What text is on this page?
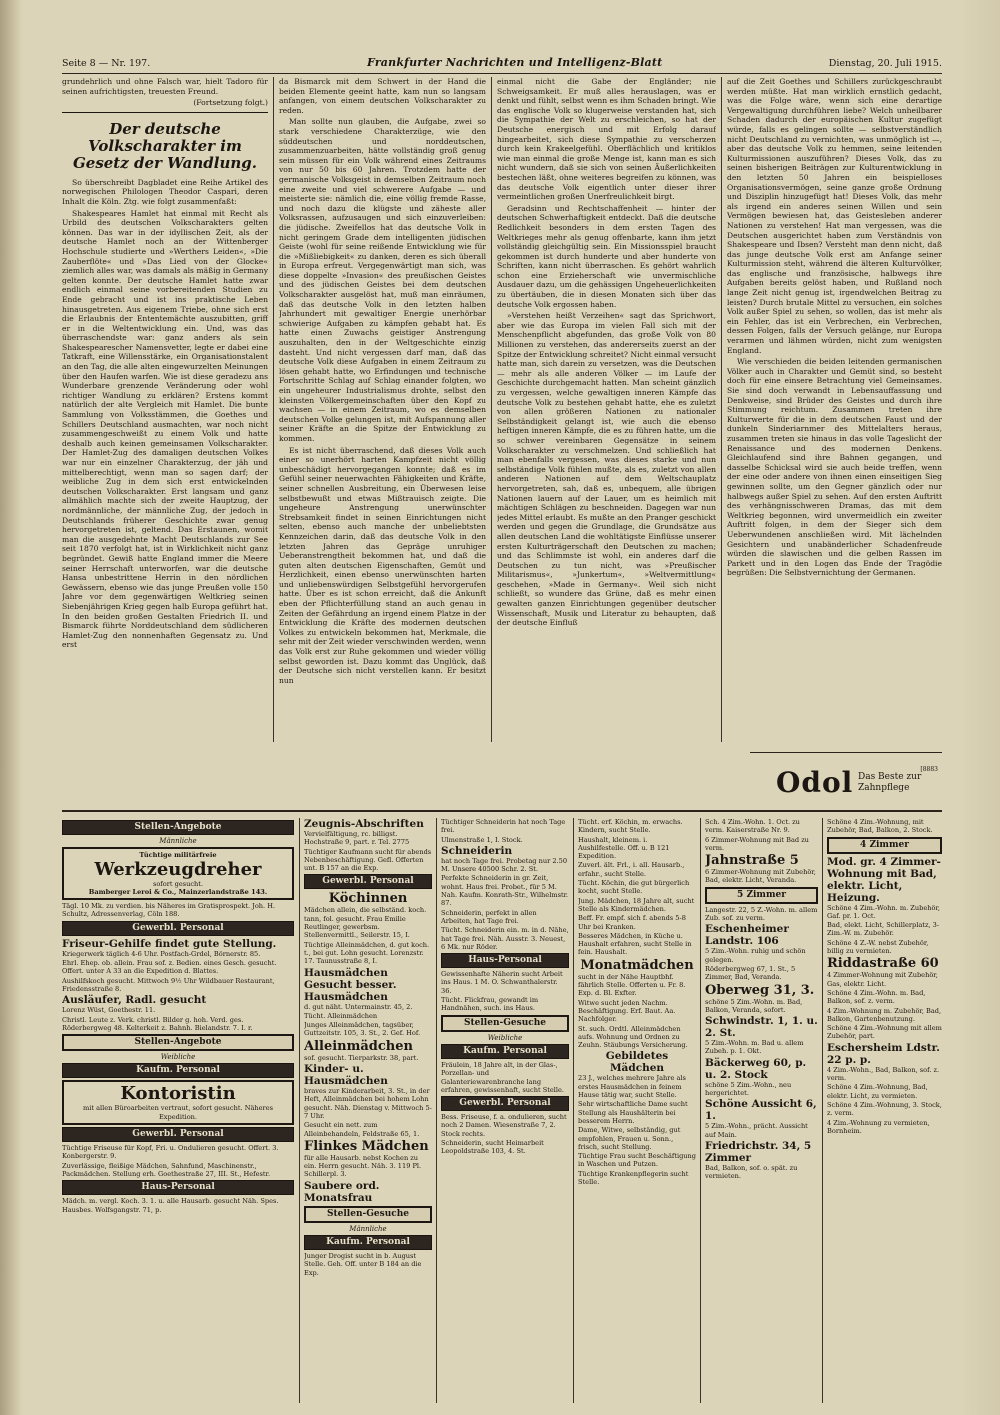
Seite 8 — Nr. 197.	Frankfurter Nachrichten und Intelligenz-Blatt	Dienstag, 20. Juli 1915.

grundehrlich und ohne Falsch war, hielt Tadoro für seinen aufrichtigsten, treuesten Freund.

(Fortsetzung folgt.)
Der deutsche Volkscharakter im Gesetz der Wandlung.

So überschreibt Dagbladet eine Reihe Artikel des norwegischen Philologen Theodor Caspari, deren Inhalt die Köln. Ztg. wie folgt zusammenfaßt:

Shakespeares Hamlet hat einmal mit Recht als Urbild des deutschen Volkscharakters gelten können. Das war in der idyllischen Zeit, als der deutsche Hamlet noch an der Wittenberger Hochschule studierte und »Werthers Leiden«, »Die Zauberflöte« und »Das Lied von der Glocke« ziemlich alles war, was damals als mäßig in Germany gelten konnte. Der deutsche Hamlet hatte zwar endlich einmal seine vorbereitenden Studien zu Ende gebracht und ist ins praktische Leben hinausgetreten. Aus eigenem Triebe, ohne sich erst die Erlaubnis der Ententemächte auszubitten, griff er in die Weltentwicklung ein. Und, was das überraschendste war: ganz anders als sein Shakespearescher Namensvetter, legte er dabei eine Tatkraft, eine Willensstärke, ein Organisationstalent an den Tag, die alle alten eingewurzelten Meinungen über den Haufen warfen. Wie ist diese geradezu ans Wunderbare grenzende Veränderung oder wohl richtiger Wandlung zu erklären? Erstens kommt natürlich der alte Vergleich mit Hamlet. Die bunte Sammlung von Volksstämmen, die Goethes und Schillers Deutschland ausmachten, war noch nicht zusammengeschweißt zu einem Volk und hatte deshalb auch keinen gemeinsamen Volkscharakter. Der Hamlet-Zug des damaligen deutschen Volkes war nur ein einzelner Charakterzug, der jäh und mittelberechtigt, wenn man so sagen darf; der weibliche Zug in dem sich erst entwickelnden deutschen Volkscharakter. Erst langsam und ganz allmählich machte sich der zweite Hauptzug, der nordmännliche, der männliche Zug, der jedoch in Deutschlands früherer Geschichte zwar genug hervorgetreten ist, geltend. Das Erstaunen, womit man die ausgedehnte Macht Deutschlands zur See seit 1870 verfolgt hat, ist in Wirklichkeit nicht ganz begründet. Gewiß hatte England immer die Meere seiner Herrschaft unterworfen, war die deutsche Hansa unbestrittene Herrin in den nördlichen Gewässern, ebenso wie das junge Preußen volle 150 Jahre vor dem gegenwärtigen Weltkrieg seinen Siebenjährigen Krieg gegen halb Europa geführt hat. In den beiden großen Gestalten Friedrich II. und Bismarck führte Norddeutschland dem südlicheren Hamlet-Zug den nonnenhaften Gegensatz zu. Und erst

da Bismarck mit dem Schwert in der Hand die beiden Elemente geeint hatte, kam nun so langsam anfangen, von einem deutschen Volkscharakter zu reden.

Man sollte nun glauben, die Aufgabe, zwei so stark verschiedene Charakterzüge, wie den süddeutschen und norddeutschen, zusammenzuarbeiten, hätte vollständig groß genug sein müssen für ein Volk während eines Zeitraums von nur 50 bis 60 Jahren. Trotzdem hatte der germanische Volksgeist in demselben Zeitraum noch eine zweite und viel schwerere Aufgabe — und meisterte sie: nämlich die, eine völlig fremde Rasse, und noch dazu die klügste und zäheste aller Volksrassen, aufzusaugen und sich einzuverleiben: die jüdische. Zweifellos hat das deutsche Volk in nicht geringem Grade dem intelligenten jüdischen Geiste (wohl für seine reißende Entwicklung wie für die »Mißliebigkeit« zu danken, deren es sich überall in Europa erfreut. Vergegenwärtigt man sich, was diese doppelte »Invasion« des preußischen Geistes und des jüdischen Geistes bei dem deutschen Volkscharakter ausgelöst hat, muß man einräumen, daß das deutsche Volk in den letzten halben Jahrhundert mit gewaltiger Energie unerhörbar schwierige Aufgaben zu kämpfen gehabt hat. Es hatte einen Zuwachs geistiger Anstrengung auszuhalten, den in der Weltgeschichte einzig dasteht. Und nicht vergessen darf man, daß das deutsche Volk diese Aufgaben in einem Zeitraum zu lösen gehabt hatte, wo Erfindungen und technische Fortschritte Schlag auf Schlag einander folgten, wo ein ungeheurer Industrialismus drohte, selbst den kleinsten Völkergemeinschaften über den Kopf zu wachsen — in einem Zeitraum, wo es demselben deutschen Volke gelungen ist, mit Aufspannung aller seiner Kräfte an die Spitze der Entwicklung zu kommen.

Es ist nicht überraschend, daß dieses Volk auch einer so unerhört harten Kampfzeit nicht völlig unbeschädigt hervorgegangen konnte; daß es im Gefühl seiner neuerwachten Fähigkeiten und Kräfte, seiner schnellen Ausbreitung, ein Überwesen leise selbstbewußt und etwas Mißtrauisch zeigte. Die ungeheure Anstrengung unerwünschter Strebsamkeit findet in seinen Einrichtungen nicht selten, ebenso auch manche der unbeliebtsten Kennzeichen darin, daß das deutsche Volk in den letzten Jahren das Gepräge unruhiger Ueberanstrengtheit bekommen hat, und daß die guten alten deutschen Eigenschaften, Gemüt und Herzlichkeit, einen ebenso unerwünschten harten und unliebenswürdigen Selbstgefühl hervorgerufen hatte. Über es ist schon erreicht, daß die Ankunft eben der Pflichterfüllung stand an auch genau in Zeiten der Gefährdung an irgend einem Platze in der Entwicklung die Kräfte des modernen deutschen Volkes zu entwickeln bekommen hat, Merkmale, die sehr mit der Zeit wieder verschwinden werden, wenn das Volk erst zur Ruhe gekommen und wieder völlig selbst geworden ist. Dazu kommt das Unglück, daß der Deutsche sich nicht verstellen kann. Er besitzt nun

einmal nicht die Gabe der Engländer; nie Schweigsamkeit. Er muß alles herauslagen, was er denkt und fühlt, selbst wenn es ihm Schaden bringt. Wie das englische Volk so klugerweise verstanden hat, sich die Sympathie der Welt zu erschleichen, so hat der Deutsche energisch und mit Erfolg darauf hingearbeitet, sich diese Sympathie zu verscherzen durch kein Krakeelgefühl. Oberflächlich und kritiklos wie man einmal die große Menge ist, kann man es sich nicht wundern, daß sie sich von seinen Äußerlichkeiten bestechen läßt, ohne weiteres begreifen zu können, was das deutsche Volk eigentlich unter dieser ihrer vermeintlichen großen Unerfreulichkeit birgt.

Geradsinn und Rechtschaffenheit — hinter der deutschen Schwerhaftigkeit entdeckt. Daß die deutsche Redlichkeit besonders in dem ersten Tagen des Weltkrieges mehr als genug offenbarte, kann ihm jetzt vollständig gleichgültig sein. Ein Missionsspiel braucht gekommen ist durch hunderte und aber hunderte von Schriften, kann nicht überraschen. Es gehört wahrlich schon eine Erzieherschaft wie unvermischliche Ausdauer dazu, um die gehässigen Ungeheuerlichkeiten zu übertäuben, die in diesen Monaten sich über das deutsche Volk ergossen haben.

»Verstehen heißt Verzeihen« sagt das Sprichwort, aber wie das Europa im vielen Fall sich mit der Menschenpflicht abgefunden, das große Volk von 80 Millionen zu verstehen, das andererseits zuerst an der Spitze der Entwicklung schreitet? Nicht einmal versucht hatte man, sich darein zu versetzen, was die Deutschen — mehr als alle anderen Völker — im Laufe der Geschichte durchgemacht hatten. Man scheint gänzlich zu vergessen, welche gewaltigen inneren Kämpfe das deutsche Volk zu bestehen gehabt hatte, ehe es zuletzt von allen größeren Nationen zu nationaler Selbständigkeit gelangt ist, wie auch die ebenso heftigen inneren Kämpfe, die es zu führen hatte, um die so schwer vereinbaren Gegensätze in seinem Volkscharakter zu verschmelzen. Und schließlich hat man ebenfalls vergessen, was dieses starke und nun selbständige Volk fühlen mußte, als es, zuletzt von allen anderen Nationen auf dem Weltschauplatz hervorgetreten, sah, daß es, unbequem, alle übrigen Nationen lauern auf der Lauer, um es heimlich mit mächtigen Schlägen zu beschneiden. Dagegen war nun jedes Mittel erlaubt. Es mußte an den Pranger geschickt werden und gegen die Grundlage, die Grundsätze aus allen deutschen Land die wohltätigste Einflüsse unserer ersten Kulturträgerschaft den Deutschen zu machen; und das Schlimmste ist wohl, ein anderes darf die Deutschen zu tun nicht, was »Preußischer Militarismus«, »Junkertum«, »Weltvermittlung« geschehen, »Made in Germany«. Weil sich nicht schließt, so wundere das Grüne, daß es mehr einen gewalten ganzen Einrichtungen gegenüber deutscher Wissenschaft, Musik und Literatur zu behaupten, daß der deutsche Einfluß

auf die Zeit Goethes und Schillers zurückgeschraubt werden müßte. Hat man wirklich ernstlich gedacht, was die Folge wäre, wenn sich eine derartige Vergewaltigung durchführen liebe? Welch unheilbarer Schaden dadurch der europäischen Kultur zugefügt würde, falls es gelingen sollte — selbstverständlich nicht Deutschland zu vernichten, was unmöglich ist —, aber das deutsche Volk zu hemmen, seine leitenden Kulturmissionen auszuführen? Dieses Volk, das zu seinen bisherigen Beiträgen zur Kulturentwicklung in den letzten 50 Jahren ein beispielloses Organisationsvermögen, seine ganze große Ordnung und Disziplin hinzugefügt hat! Dieses Volk, das mehr als irgend ein anderes seinen Willen und sein Vermögen bewiesen hat, das Geistesleben anderer Nationen zu verstehen! Hat man vergessen, was die Deutschen ausgerichtet haben zum Verständnis von Shakespeare und Ibsen? Versteht man denn nicht, daß das junge deutsche Volk erst am Anfange seiner Kulturmission steht, während die älteren Kulturvölker, das englische und französische, halbwegs ihre Aufgaben bereits gelöst haben, und Rußland noch lange Zeit nicht genug ist, irgendwelchen Beitrag zu leisten? Durch brutale Mittel zu versuchen, ein solches Volk außer Spiel zu sehen, so wollen, das ist mehr als ein Fehler, das ist ein Verbrechen, ein Verbrechen, dessen Folgen, falls der Versuch gelänge, nur Europa verarmen und lähmen würden, nicht zum wenigsten England.

Wie verschieden die beiden leitenden germanischen Völker auch in Charakter und Gemüt sind, so besteht doch für eine einsere Betrachtung viel Gemeinsames. Sie sind doch verwandt in Lebensauffassung und Denkweise, sind Brüder des Geistes und durch ihre Stimmung reichtum. Zusammen treten ihre Kulturwerte für die in dem deutschen Faust und der dunkeln Sinderiarnmer des Mittelalters heraus, zusammen treten sie hinaus in das volle Tageslicht der Renaissance und des modernen Denkens. Gleichlaufend sind ihre Bahnen gegangen, und dasselbe Schicksal wird sie auch beide treffen, wenn der eine oder andere von ihnen einen einseitigen Sieg gewinnen sollte, um den Gegner gänzlich oder nur halbwegs außer Spiel zu sehen. Auf den ersten Auftritt des verhängnisschweren Dramas, das mit dem Weltkrieg begonnen, wird unvermeidlich ein zweiter Auftritt folgen, in dem der Sieger sich dem Ueberwundenen anschließen wird. Mit lächelnden Gesichtern und unabänderlicher Schadenfreude würden die slawischen und die gelben Rassen im Parkett und in den Logen das Ende der Tragödie begrüßen: Die Selbstvernichtung der Germanen.

Odol Das Beste zur Zahnpflege
[8883
Stellen-Angebote
Männliche
Tüchtige militärfreie
Werkzeugdreher
sofort gesucht.
Bamberger Leroi & Co., Mainzerlandstraße 143.

Tägl. 10 Mk. zu verdien. bis Näheres im Gratisprospekt. Joh. H. Schultz, Adressenverlag, Cöln 188.

Gewerbl. Personal
Friseur-Gehilfe findet gute Stellung.

Kriegerwerk täglich 4-6 Uhr. Postfach-Grdel, Börnerstr. 85.

Ehrl. Ehep. ob. allein. Frau sof. z. Bedien. eines Gesch. gesucht. Offert. unter A 33 an die Expedition d. Blattes.

Aushilfskoch gesucht. Mittwoch 9½ Uhr Wildbauer Restaurant, Friedensstraße 8.

Ausläufer, Radl. gesucht

Lorenz Wüst, Goethestr. 11.

Christl. Leute z. Verk. christl. Bilder g. hoh. Verd. ges. Röderbergweg 48. Kelterkeit z. Bahnh. Bielandstr. 7. I. r.

Stellen-Angebote
Weibliche
Kaufm. Personal
Kontoristin
mit allen Büroarbeiten vertraut, sofort gesucht. Näheres Expedition.
Gewerbl. Personal

Tüchtige Friseuse für Kopf, Fri. u. Ondulieren gesucht. Offert. 3. Konbergerstr. 9.

Zuverlässige, fleißige Mädchen, Sahnfund, Maschinenstr., Packmädchen. Stellung erh. Goethestraße 27, III. St., Hefestr.

Haus-Personal

Mädch. m. vergl. Koch. 3. 1. u. alle Hausarb. gesucht Näh. Spes. Hausbes. Wolfsgangstr. 71, p.

Zeugnis-Abschriften

Vervielfältigung, rc. billigst. Hochstraße 9, part. r. Tel. 2775

Tüchtiger Kaufmann sucht für abends Nebenbeschäftigung. Gefl. Offerten unt. B 157 an die Exp.

Gewerbl. Personal
Köchinnen

Mädchen allein, die selbständ. koch. tann, fol. gesucht. Frau Emilie Reutlinger, gewerbsm. Stellenvermittl., Seilerstr. 15, I.

Tüchtige Alleinmädchen, d. gut koch. t., bei gut. Lohn gesucht. Lorenzstr. 17. Taunusstraße 8, I.

Hausmädchen
Gesucht besser. Hausmädchen

d. gut näht. Untermainstr. 45, 2.

Tücht. Alleinmädchen

Junges Alleinmädchen, tagsüber, Guttzeitstr. 105, 3. St., 2. Gef. Hof.

Alleinmädchen

sof. gesucht. Tierparkstr. 38, part.

Kinder- u. Hausmädchen

braves zur Kinderarbeit, 3. St., in der Heft, Alleinmädchen bei hohem Lohn gesucht. Näh. Dienstag v. Mittwoch 5-7 Uhr.

Gesucht ein nett. zum Alleinbehandeln, Feldstraße 65, 1.

Flinkes Mädchen

für alle Hausarb. nebst Kochen zu ein. Herrn gesucht. Näh. 3. 119 Pl. Schillerpl. 3.

Saubere ord. Monatsfrau
Stellen-Gesuche
Männliche
Kaufm. Personal

Junger Drogist sucht in b. August Stelle. Geh. Off. unter B 184 an die Exp.

Tüchtiger Schneiderin hat noch Tage frei.

Ulmenstraße 1, I. Stock.

Schneiderin

hat noch Tage frei. Probetag nur 2.50 M. Unsere 40500 Schr. 2. St.

Perfekte Schneiderin in gr. Zeit, wohnt. Haus frei. Probet., für 5 M. Nah. Kaufm. Konrath-Str., Wilhelmstr. 87.

Schneiderin, perfekt in allen Arbeiten, hat Tage frei.

Tücht. Schneiderin ein. m. in d. Nähe, hat Tage frei. Näh. Ausstr. 3. Neuest, 6 Mk. nur Röder.

Haus-Personal

Gewissenhafte Näherin sucht Arbeit ins Haus. 1 M. O. Schwanthalerstr. 36.

Tücht. Flickfrau, gewandt im Handnähen, such. ins Haus.

Stellen-Gesuche
Weibliche
Kaufm. Personal

Fräulein, 18 Jahre alt, in der Glas-, Porzellan- und Galanteriewarenbranche lang erfahren, gewissenhaft, sucht Stelle.

Gewerbl. Personal

Bess. Friseuse, f. a. ondulieren, sucht noch 2 Damen. Wiesenstraße 7, 2. Stock rechts.

Schneiderin, sucht Heimarbeit Leopoldstraße 103, 4. St.

Tücht. erf. Köchin, m. erwachs. Kindern, sucht Stelle.

Haushalt, kleinem. i. Aushilfestelle. Off. u. B 121 Expedition.

Zuverl. ält. Frl., i. all. Hausarb., erfahr., sucht Stelle.

Tücht. Köchin, die gut bürgerlich kocht, sucht Stelle.

Jung. Mädchen, 18 Jahre alt, sucht Stelle als Kindermädchen.

Beff. Fr. empf. sich f. abends 5-8 Uhr bei Kranken.

Besseres Mädchen, in Küche u. Haushalt erfahren, sucht Stelle in fein. Haushalt.

Monatmädchen

sucht in der Nähe Hauptbhf. fährlich Stelle. Offerten u. Fr. 8. Exp. d. Bl. Exfter.

Witwe sucht jeden Nachm. Beschäftigung. Erf. Baut. Aa. Nachfolger.

St. such. Ordtl. Alleinmädchen aufs. Wohnung und Ordnen zu Zeuhn. Stäubungs Versicherung.

Gebildetes Mädchen

23 J., welches mehrere Jahre als erstes Hausmädchen in feinem Hause tätig war, sucht Stelle.

Sehr wirtschaftliche Dame sucht Stellung als Haushälterin bei besserem Herrn.

Dame, Witwe, selbständig, gut empfohlen, Frauen u. Sonn., frisch, sucht Stellung.

Tüchtige Frau sucht Beschäftigung in Waschen und Putzen.

Tüchtige Krankenpflegerin sucht Stelle.

Sch. 4 Zim.-Wohn. 1. Oct. zu verm. Kaiserstraße Nr. 9.

6 Zimmer-Wohnung mit Bad zu verm.

Jahnstraße 5

6 Zimmer-Wohnung mit Zubehör, Bad, elektr. Licht, Veranda.

5 Zimmer

Langestr. 22, 5 Z.-Wohn. m. allem Zub. sof. zu verm.

Eschenheimer Landstr. 106

5 Zim.-Wohn. ruhig und schön gelegen.

Röderbergweg 67, 1. St., 5 Zimmer, Bad, Veranda.

Oberweg 31, 3.

schöne 5 Zim.-Wohn. m. Bad, Balkon, Veranda, sofort.

Schwindstr. 1, 1. u. 2. St.

5 Zim.-Wohn. m. Bad u. allem Zubeh. p. 1. Okt.

Bäckerweg 60, p. u. 2. Stock

schöne 5 Zim.-Wohn., neu hergerichtet.

Schöne Aussicht 6, 1.

5 Zim.-Wohn., prächt. Aussicht auf Main.

Friedrichstr. 34, 5 Zimmer

Bad, Balkon, sof. o. spät. zu vermieten.

Schöne 4 Zim.-Wohnung, mit Zubehör, Bad, Balkon, 2. Stock.

4 Zimmer
Mod. gr. 4 Zimmer-Wohnung mit Bad, elektr. Licht, Heizung.

Schöne 4 Zim.-Wohn. m. Zubehör, Gaf. pr. 1. Oct.

Bad, elekt. Licht, Schillerplatz, 3-Zim.-W. m. Zubehör.

Schöne 4 Z.-W. nebst Zubehör, billig zu vermieten.

Riddastraße 60

4 Zimmer-Wohnung mit Zubehör, Gas, elektr. Licht.

Schöne 4 Zim.-Wohn. m. Bad, Balkon, sof. z. verm.

4 Zim.-Wohnung m. Zubehör, Bad, Balkon, Gartenbenutzung.

Schöne 4 Zim.-Wohnung mit allem Zubehör, part.

Eschersheim Ldstr. 22 p. p.

4 Zim.-Wohn., Bad, Balkon, sof. z. verm.

Schöne 4 Zim.-Wohnung, Bad, elektr. Licht, zu vermieten.

Schöne 4 Zim.-Wohnung, 3. Stock, z. verm.

4 Zim.-Wohnung zu vermieten, Bornheim.
